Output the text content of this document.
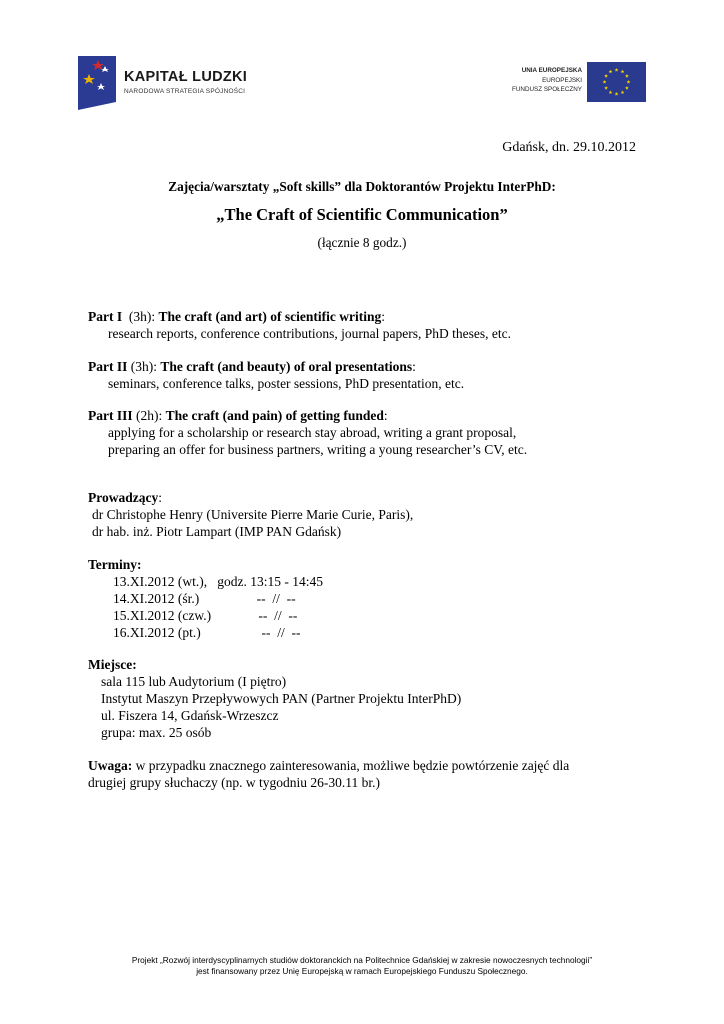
KAPITAŁ LUDZKI
NARODOWA STRATEGIA SPÓJNOŚCI
UNIA EUROPEJSKA
EUROPEJSKI
FUNDUSZ SPOŁECZNY
Gdańsk, dn. 29.10.2012
Zajęcia/warsztaty „Soft skills” dla Doktorantów Projektu InterPhD:
„The Craft of Scientific Communication”
(łącznie 8 godz.)
Part I  (3h): The craft (and art) of scientific writing:
research reports, conference contributions, journal papers, PhD theses, etc.
Part II (3h): The craft (and beauty) of oral presentations:
seminars, conference talks, poster sessions, PhD presentation, etc.
Part III (2h): The craft (and pain) of getting funded:
applying for a scholarship or research stay abroad, writing a grant proposal,
preparing an offer for business partners, writing a young researcher’s CV, etc.
Prowadzący:
dr Christophe Henry (Universite Pierre Marie Curie, Paris),
dr hab. inż. Piotr Lampart (IMP PAN Gdańsk)
Terminy:
13.XI.2012 (wt.),   godz. 13:15 - 14:45
14.XI.2012 (śr.)                 --  //  --
15.XI.2012 (czw.)              --  //  --
16.XI.2012 (pt.)                  --  //  --
Miejsce:
sala 115 lub Audytorium (I piętro)
Instytut Maszyn Przepływowych PAN (Partner Projektu InterPhD)
ul. Fiszera 14, Gdańsk-Wrzeszcz
grupa: max. 25 osób
Uwaga: w przypadku znacznego zainteresowania, możliwe będzie powtórzenie zajęć dla
drugiej grupy słuchaczy (np. w tygodniu 26-30.11 br.)
Projekt „Rozwój interdyscyplinarnych studiów doktoranckich na Politechnice Gdańskiej w zakresie nowoczesnych technologii”
jest finansowany przez Unię Europejską w ramach Europejskiego Funduszu Społecznego.
